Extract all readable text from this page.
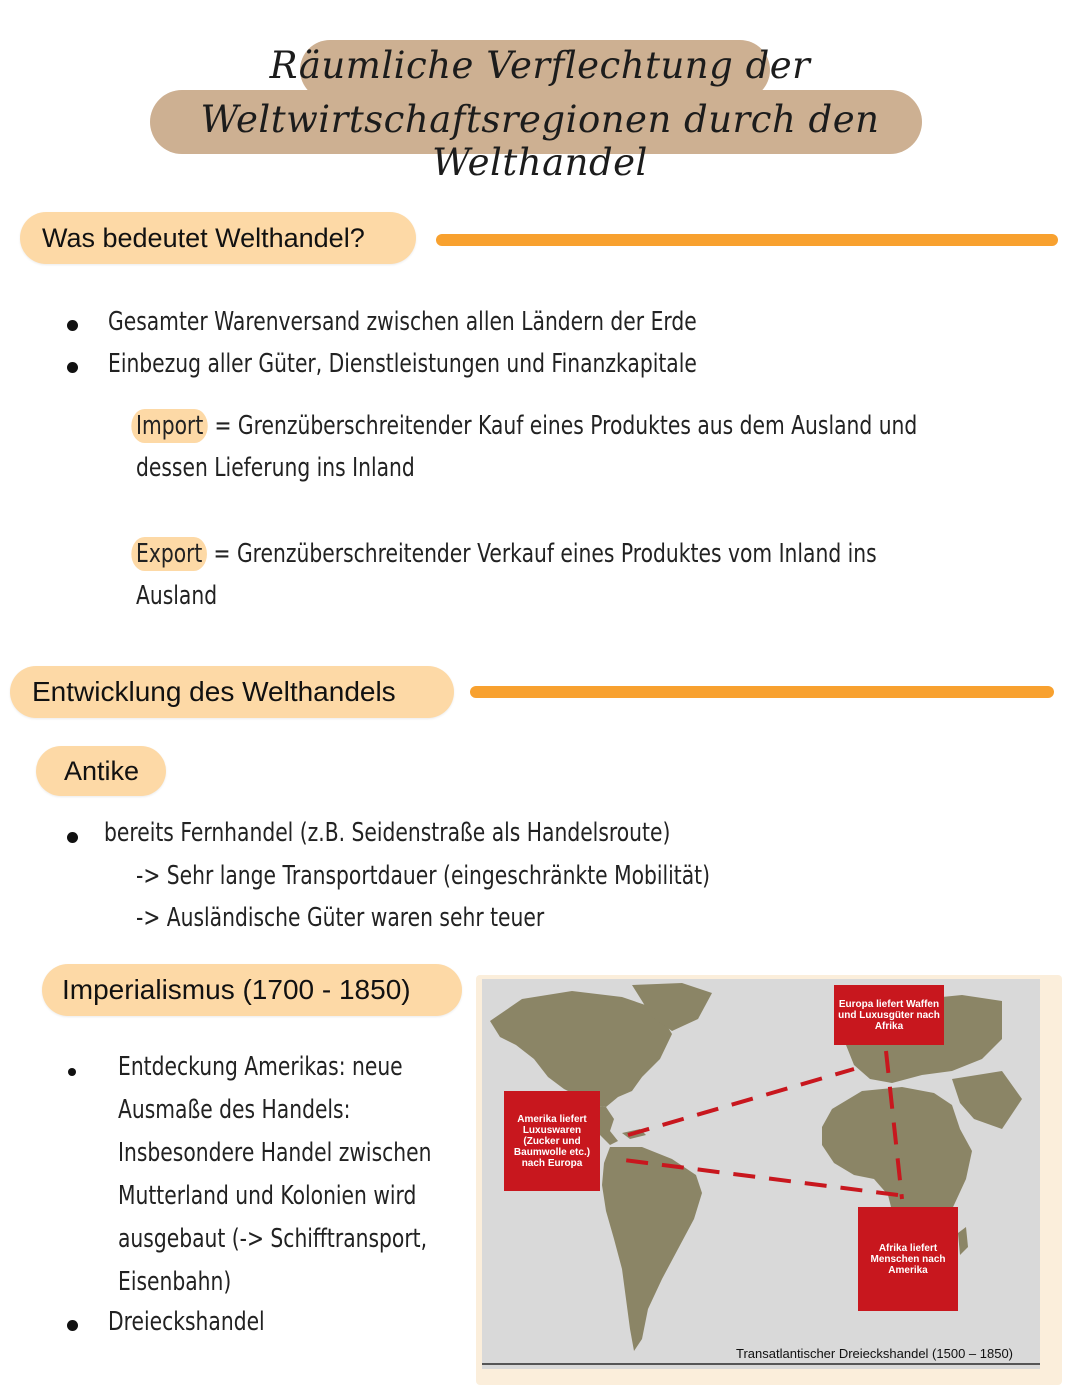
Räumliche Verflechtung der
Weltwirtschaftsregionen durch den Welthandel
Was bedeutet Welthandel?
Gesamter Warenversand zwischen allen Ländern der Erde
Einbezug aller Güter, Dienstleistungen und Finanzkapitale
Import = Grenzüberschreitender Kauf eines Produktes aus dem Ausland und
dessen Lieferung ins Inland
Export = Grenzüberschreitender Verkauf eines Produktes vom Inland ins
Ausland
Entwicklung des Welthandels
Antike
bereits Fernhandel (z.B. Seidenstraße als Handelsroute)
-> Sehr lange Transportdauer (eingeschränkte Mobilität)
-> Ausländische Güter waren sehr teuer
Imperialismus (1700 - 1850)
Entdeckung Amerikas: neue
Ausmaße des Handels:
Insbesondere Handel zwischen
Mutterland und Kolonien wird
ausgebaut (-> Schifftransport,
Eisenbahn)
Dreieckshandel
Europa liefert Waffen und Luxusgüter nach Afrika
Amerika liefert Luxuswaren (Zucker und Baumwolle etc.) nach Europa
Afrika liefert Menschen nach Amerika
Transatlantischer Dreieckshandel (1500 – 1850)
